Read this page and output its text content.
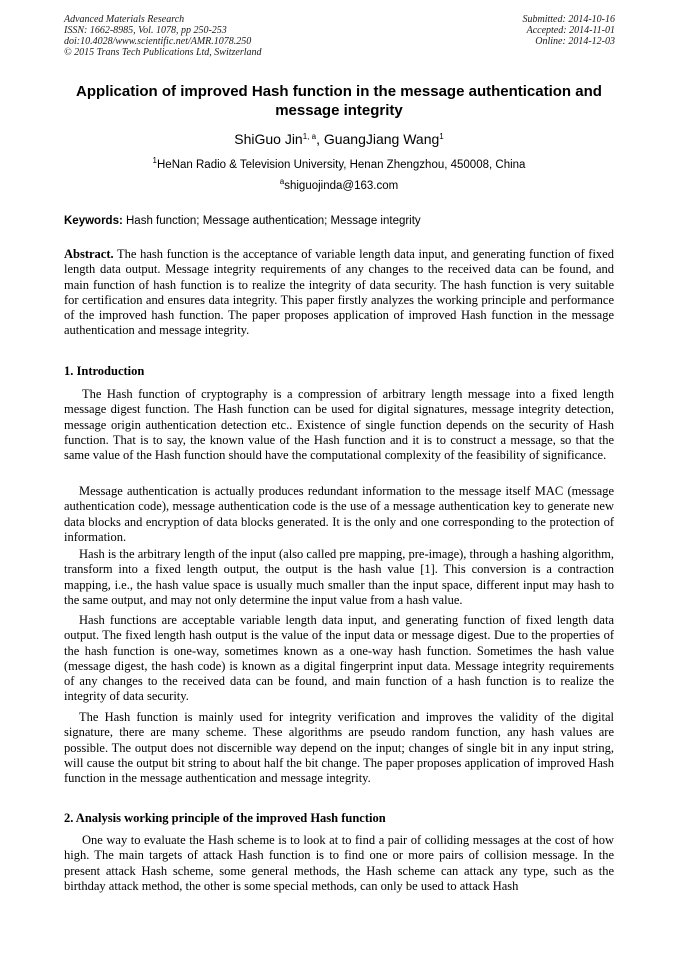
Advanced Materials Research
ISSN: 1662-8985, Vol. 1078, pp 250-253
doi:10.4028/www.scientific.net/AMR.1078.250
© 2015 Trans Tech Publications Ltd, Switzerland
Submitted: 2014-10-16
Accepted: 2014-11-01
Online: 2014-12-03
Application of improved Hash function in the message authentication and message integrity
ShiGuo Jin$^{1, a}$, GuangJiang Wang$^1$
$^1$HeNan Radio & Television University, Henan Zhengzhou, 450008, China
$^a$shiguojinda@163.com
Keywords: Hash function; Message authentication; Message integrity

Abstract. The hash function is the acceptance of variable length data input, and generating function of fixed length data output. Message integrity requirements of any changes to the received data can be found, and main function of hash function is to realize the integrity of data security. The hash function is very suitable for certification and ensures data integrity. This paper firstly analyzes the working principle and performance of the improved hash function. The paper proposes application of improved Hash function in the message authentication and message integrity.

1. Introduction

The Hash function of cryptography is a compression of arbitrary length message into a fixed length message digest function. The Hash function can be used for digital signatures, message integrity detection, message origin authentication detection etc.. Existence of single function depends on the security of Hash function. That is to say, the known value of the Hash function and it is to construct a message, so that the same value of the Hash function should have the computational complexity of the feasibility of significance.

Message authentication is actually produces redundant information to the message itself MAC (message authentication code), message authentication code is the use of a message authentication key to generate new data blocks and encryption of data blocks generated. It is the only and one corresponding to the protection of information.

Hash is the arbitrary length of the input (also called pre mapping, pre-image), through a hashing algorithm, transform into a fixed length output, the output is the hash value [1]. This conversion is a contraction mapping, i.e., the hash value space is usually much smaller than the input space, different input may hash to the same output, and may not only determine the input value from a hash value.

Hash functions are acceptable variable length data input, and generating function of fixed length data output. The fixed length hash output is the value of the input data or message digest. Due to the properties of the hash function is one-way, sometimes known as a one-way hash function. Sometimes the hash value (message digest, the hash code) is known as a digital fingerprint input data. Message integrity requirements of any changes to the received data can be found, and main function of a hash function is to realize the integrity of data security.

The Hash function is mainly used for integrity verification and improves the validity of the digital signature, there are many scheme. These algorithms are pseudo random function, any hash values are possible. The output does not discernible way depend on the input; changes of single bit in any input string, will cause the output bit string to about half the bit change. The paper proposes application of improved Hash function in the message authentication and message integrity.

2. Analysis working principle of the improved Hash function

One way to evaluate the Hash scheme is to look at to find a pair of colliding messages at the cost of how high. The main targets of attack Hash function is to find one or more pairs of collision message. In the present attack Hash scheme, some general methods, the Hash scheme can attack any type, such as the birthday attack method, the other is some special methods, can only be used to attack Hash
